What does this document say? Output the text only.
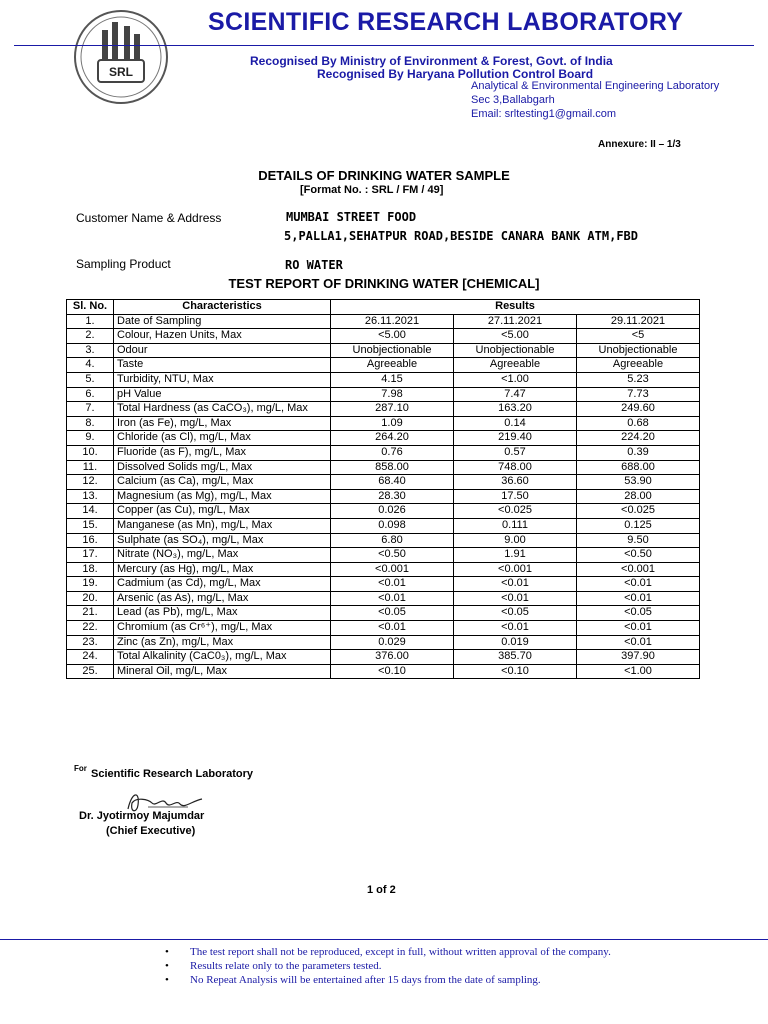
SRL
SCIENTIFIC RESEARCH LABORATORY
Recognised By Ministry of Environment & Forest, Govt. of India
Recognised By Haryana Pollution Control Board
Analytical & Environmental Engineering Laboratory
Sec 3,Ballabgarh
Email: srltesting1@gmail.com
Annexure: II – 1/3
DETAILS OF DRINKING WATER SAMPLE
[Format No. : SRL / FM / 49]
Customer Name & Address	MUMBAI STREET FOOD
5,PALLA1,SEHATPUR ROAD,BESIDE CANARA BANK ATM,FBD
Sampling Product	RO WATER
TEST REPORT OF DRINKING WATER [CHEMICAL]
Sl. No.	Characteristics	Results		
1.	Date of Sampling	26.11.2021	27.11.2021	29.11.2021
2.	Colour, Hazen Units, Max	<5.00	<5.00	<5
3.	Odour	Unobjectionable	Unobjectionable	Unobjectionable
4.	Taste	Agreeable	Agreeable	Agreeable
5.	Turbidity, NTU, Max	4.15	<1.00	5.23
6.	pH Value	7.98	7.47	7.73
7.	Total Hardness (as CaCO₃), mg/L, Max	287.10	163.20	249.60
8.	Iron (as Fe), mg/L, Max	1.09	0.14	0.68
9.	Chloride (as Cl), mg/L, Max	264.20	219.40	224.20
10.	Fluoride (as F), mg/L, Max	0.76	0.57	0.39
11.	Dissolved Solids mg/L, Max	858.00	748.00	688.00
12.	Calcium (as Ca), mg/L, Max	68.40	36.60	53.90
13.	Magnesium (as Mg), mg/L, Max	28.30	17.50	28.00
14.	Copper (as Cu), mg/L, Max	0.026	<0.025	<0.025
15.	Manganese (as Mn), mg/L, Max	0.098	0.111	0.125
16.	Sulphate (as SO₄), mg/L, Max	6.80	9.00	9.50
17.	Nitrate (NO₃), mg/L, Max	<0.50	1.91	<0.50
18.	Mercury (as Hg), mg/L, Max	<0.001	<0.001	<0.001
19.	Cadmium (as Cd), mg/L, Max	<0.01	<0.01	<0.01
20.	Arsenic (as As), mg/L, Max	<0.01	<0.01	<0.01
21.	Lead (as Pb), mg/L, Max	<0.05	<0.05	<0.05
22.	Chromium (as Cr⁶⁺), mg/L, Max	<0.01	<0.01	<0.01
23.	Zinc (as Zn), mg/L, Max	0.029	0.019	<0.01
24.	Total Alkalinity (CaC0₃), mg/L, Max	376.00	385.70	397.90
25.	Mineral Oil, mg/L, Max	<0.10	<0.10	<1.00
For Scientific Research Laboratory
Dr. Jyotirmoy Majumdar
(Chief Executive)
1 of 2
• The test report shall not be reproduced, except in full, without written approval of the company.
• Results relate only to the parameters tested.
• No Repeat Analysis will be entertained after 15 days from the date of sampling.
